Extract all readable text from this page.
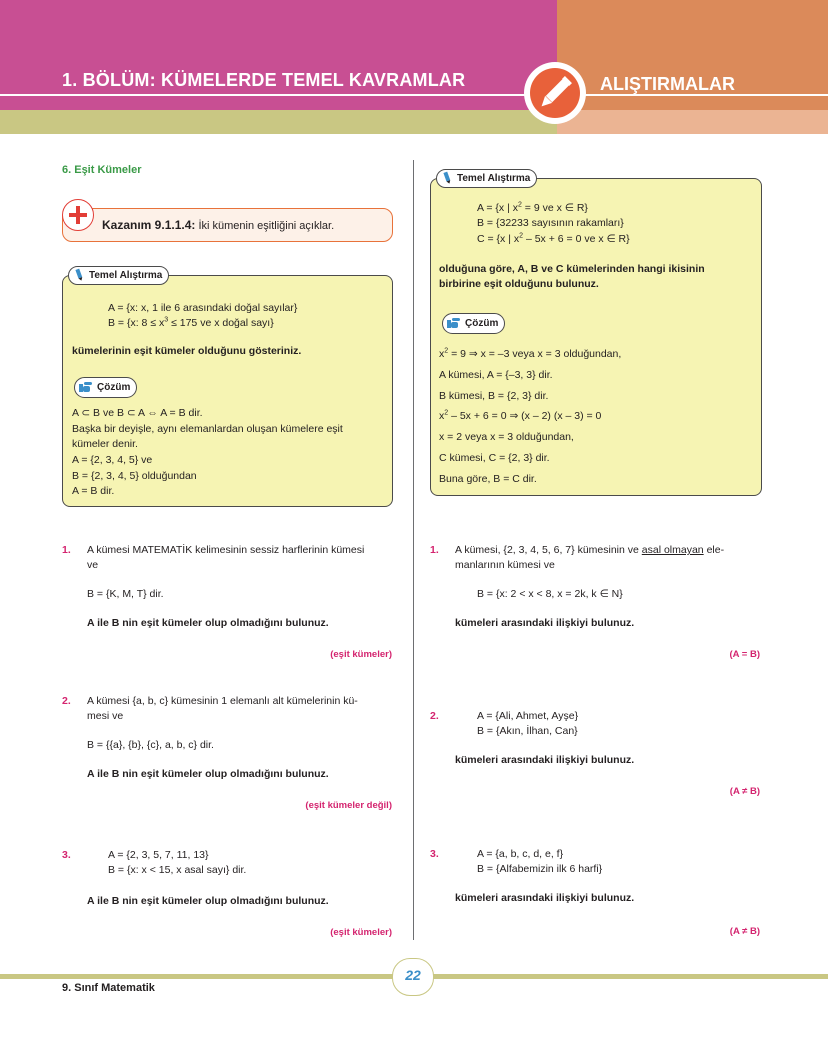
1. BÖLÜM: KÜMELERDE TEMEL KAVRAMLAR	ALIŞTIRMALAR
6. Eşit Kümeler
Kazanım 9.1.1.4: İki kümenin eşitliğini açıklar.
Temel Alıştırma
A = {x: x, 1 ile 6 arasındaki doğal sayılar}
B = {x: $8 \le x^3 \le 175$ ve x doğal sayı}
kümelerinin eşit kümeler olduğunu gösteriniz.
Çözüm
A ⊂ B ve B ⊂ A ⇔ A = B dir.
Başka bir deyişle, aynı elemanlardan oluşan kümelere eşit
kümeler denir.
A = {2, 3, 4, 5} ve
B = {2, 3, 4, 5} olduğundan
A = B dir.
1. A kümesi MATEMATİK kelimesinin sessiz harflerinin kümesi
ve
B = {K, M, T} dir.
A ile B nin eşit kümeler olup olmadığını bulunuz.
(eşit kümeler)
2. A kümesi {a, b, c} kümesinin 1 elemanlı alt kümelerinin kü-
mesi ve
B = {{a}, {b}, {c}, a, b, c} dir.
A ile B nin eşit kümeler olup olmadığını bulunuz.
(eşit kümeler değil)
3.	A = {2, 3, 5, 7, 11, 13}
B = {x: x < 15, x asal sayı} dir.
A ile B nin eşit kümeler olup olmadığını bulunuz.
(eşit kümeler)
Temel Alıştırma
A = {x | $x^2 = 9$ ve x ∈ R}
B = {32233 sayısının rakamları}
C = {x | $x^2 - 5x + 6 = 0$ ve x ∈ R}
olduğuna göre, A, B ve C kümelerinden hangi ikisinin
birbirine eşit olduğunu bulunuz.
Çözüm
$x^2 = 9$ ⇒ x = –3 veya x = 3 olduğundan,
A kümesi, A = {–3, 3} dir.
B kümesi, B = {2, 3} dir.
$x^2 - 5x + 6 = 0$ ⇒ (x – 2) (x – 3) = 0
x = 2 veya x = 3 olduğundan,
C kümesi, C = {2, 3} dir.
Buna göre, B = C dir.
1. A kümesi, {2, 3, 4, 5, 6, 7} kümesinin ve asal olmayan ele-
manlarının kümesi ve
B = {x: 2 < x < 8, x = 2k, k ∈ N}
kümeleri arasındaki ilişkiyi bulunuz.
(A = B)
2.	A = {Ali, Ahmet, Ayşe}
B = {Akın, İlhan, Can}
kümeleri arasındaki ilişkiyi bulunuz.
(A ≠ B)
3.	A = {a, b, c, d, e, f}
B = {Alfabemizin ilk 6 harfi}
kümeleri arasındaki ilişkiyi bulunuz.
(A ≠ B)
22
9. Sınıf Matematik
